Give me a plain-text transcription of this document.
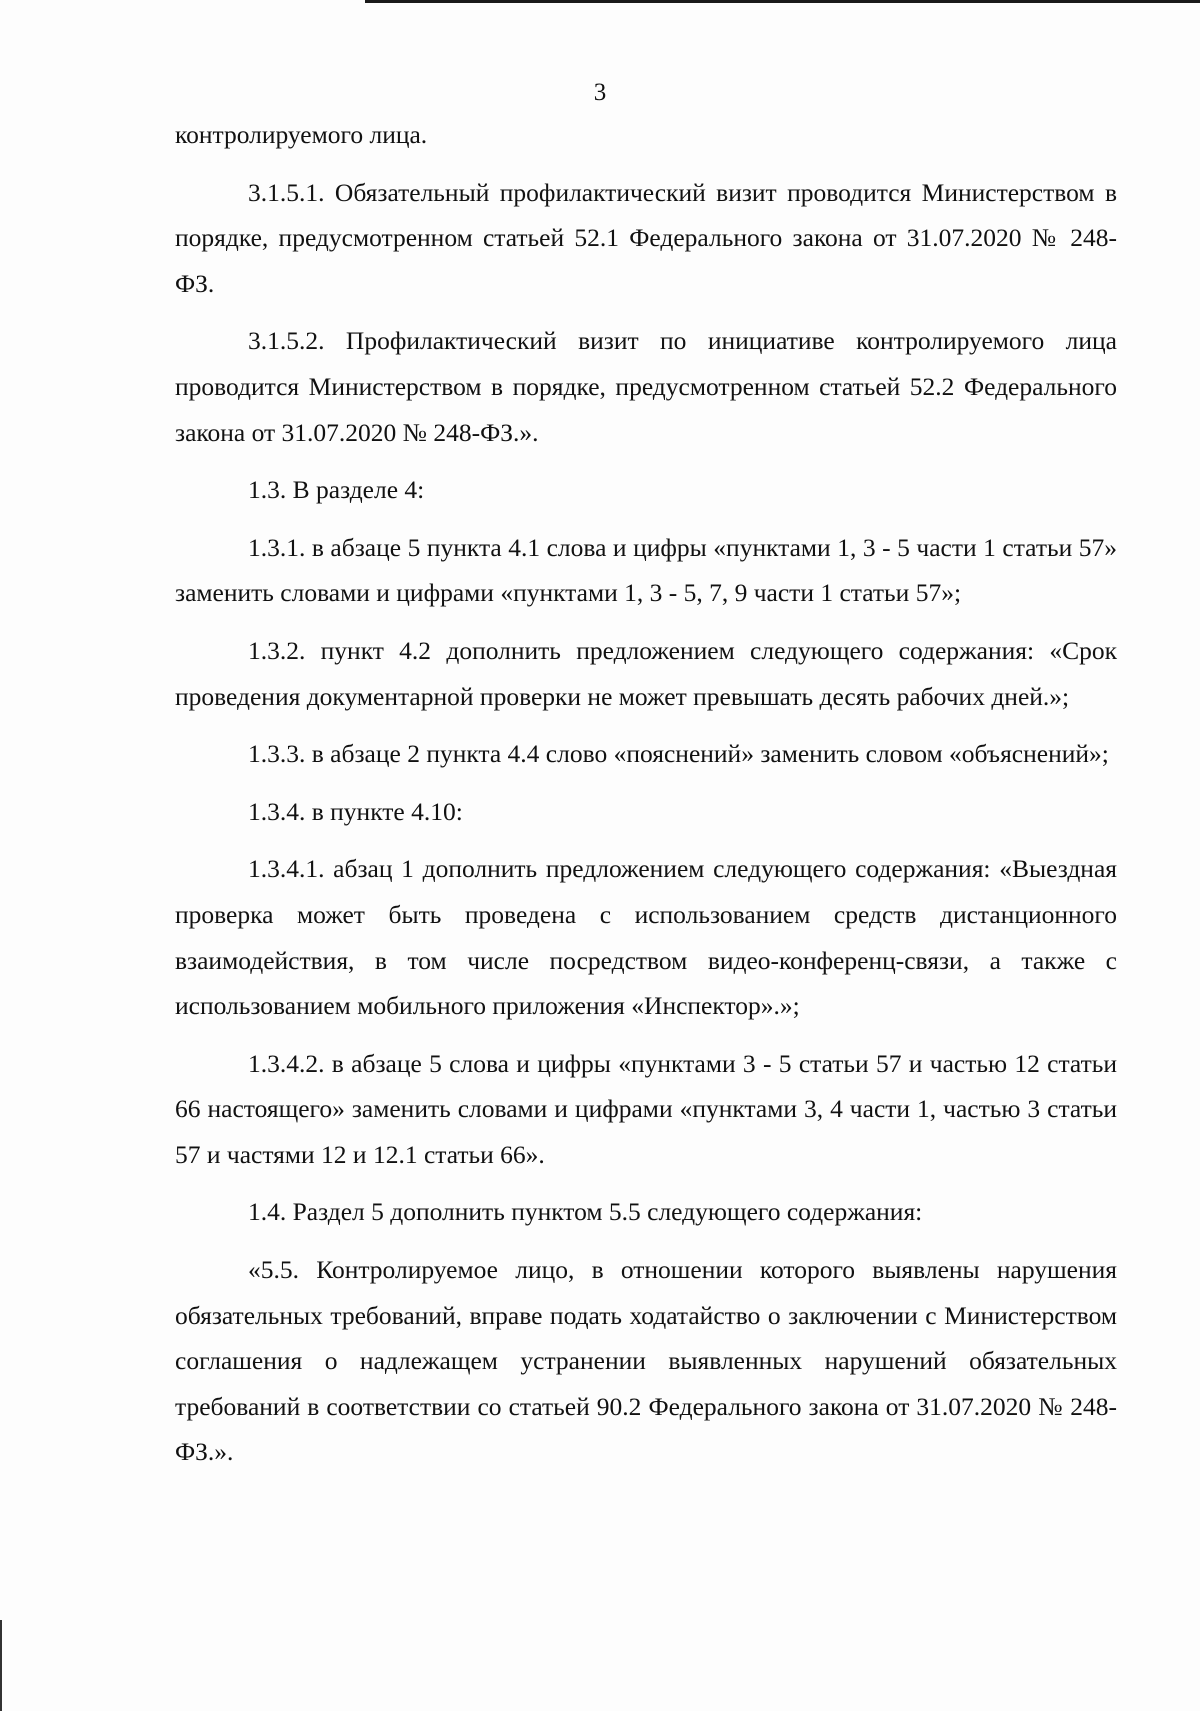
3

контролируемого лица.

3.1.5.1. Обязательный профилактический визит проводится Министерством в порядке, предусмотренном статьей 52.1 Федерального закона от 31.07.2020 № 248-ФЗ.

3.1.5.2. Профилактический визит по инициативе контролируемого лица проводится Министерством в порядке, предусмотренном статьей 52.2 Федерального закона от 31.07.2020 № 248-ФЗ.».

1.3. В разделе 4:

1.3.1. в абзаце 5 пункта 4.1 слова и цифры «пунктами 1, 3 - 5 части 1 статьи 57» заменить словами и цифрами «пунктами 1, 3 - 5, 7, 9 части 1 статьи 57»;

1.3.2. пункт 4.2 дополнить предложением следующего содержания: «Срок проведения документарной проверки не может превышать десять рабочих дней.»;

1.3.3. в абзаце 2 пункта 4.4 слово «пояснений» заменить словом «объяснений»;

1.3.4. в пункте 4.10:

1.3.4.1. абзац 1 дополнить предложением следующего содержания: «Выездная проверка может быть проведена с использованием средств дистанционного взаимодействия, в том числе посредством видео-конференц-связи, а также с использованием мобильного приложения «Инспектор».»;

1.3.4.2. в абзаце 5 слова и цифры «пунктами 3 - 5 статьи 57 и частью 12 статьи 66 настоящего» заменить словами и цифрами «пунктами 3, 4 части 1, частью 3 статьи 57 и частями 12 и 12.1 статьи 66».

1.4. Раздел 5 дополнить пунктом 5.5 следующего содержания:

«5.5. Контролируемое лицо, в отношении которого выявлены нарушения обязательных требований, вправе подать ходатайство о заключении с Министерством соглашения о надлежащем устранении выявленных нарушений обязательных требований в соответствии со статьей 90.2 Федерального закона от 31.07.2020 № 248-ФЗ.».
